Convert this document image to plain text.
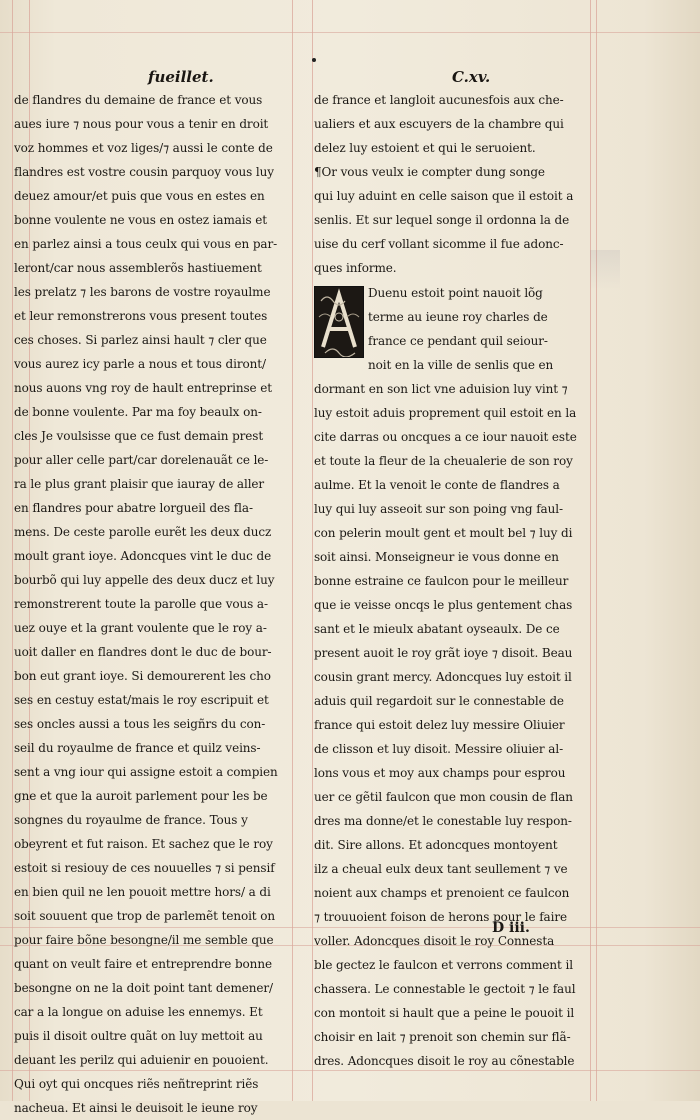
fueillet.	C.xv.
de flandres du demaine de france et vous
aues iure ⁊ nous pour vous a tenir en droit
voz hommes et voz liges/⁊ aussi le conte de
flandres est vostre cousin parquoy vous luy
deuez amour/et puis que vous en estes en
bonne voulente ne vous en ostez iamais et
en parlez ainsi a tous ceulx qui vous en par-
leront/car nous assemblerõs hastiuement
les prelatz ⁊ les barons de vostre royaulme
et leur remonstrerons vous present toutes
ces choses. Si parlez ainsi hault ⁊ cler que
vous aurez icy parle a nous et tous diront/
nous auons vng roy de hault entreprinse et
de bonne voulente. Par ma foy beaulx on-
cles Je voulsisse que ce fust demain prest
pour aller celle part/car dorelenauãt ce le-
ra le plus grant plaisir que iauray de aller
en flandres pour abatre lorgueil des fla-
mens. De ceste parolle eurẽt les deux ducz
moult grant ioye. Adoncques vint le duc de
bourbõ qui luy appelle des deux ducz et luy
remonstrerent toute la parolle que vous a-
uez ouye et la grant voulente que le roy a-
uoit daller en flandres dont le duc de bour-
bon eut grant ioye. Si demourerent les cho
ses en cestuy estat/mais le roy escripuit et
ses oncles aussi a tous les seigñrs du con-
seil du royaulme de france et quilz veins-
sent a vng iour qui assigne estoit a compien
gne et que la auroit parlement pour les be
songnes du royaulme de france. Tous y
obeyrent et fut raison. Et sachez que le roy
estoit si resiouy de ces nouuelles ⁊ si pensif
en bien quil ne len pouoit mettre hors/ a di
soit souuent que trop de parlemẽt tenoit on
pour faire bõne besongne/il me semble que
quant on veult faire et entreprendre bonne
besongne on ne la doit point tant demener/
car a la longue on aduise les ennemys. Et
puis il disoit oultre quãt on luy mettoit au
deuant les perilz qui aduienir en pouoient.
Qui oyt qui oncques riẽs neñtreprint riẽs
nacheua. Et ainsi le deuisoit le ieune roy
de france et langloit aucunesfois aux che-
ualiers et aux escuyers de la chambre qui
delez luy estoient et qui le seruoient.
¶Or vous veulx ie compter dung songe
qui luy aduint en celle saison que il estoit a
senlis. Et sur lequel songe il ordonna la de
uise du cerf vollant sicomme il fue adonc-
ques informe.
Duenu estoit point nauoit lõg
terme au ieune roy charles de
france ce pendant quil seiour-
noit en la ville de senlis que en
dormant en son lict vne aduision luy vint ⁊
luy estoit aduis proprement quil estoit en la
cite darras ou oncques a ce iour nauoit este
et toute la fleur de la cheualerie de son roy
aulme. Et la venoit le conte de flandres a
luy qui luy asseoit sur son poing vng faul-
con pelerin moult gent et moult bel ⁊ luy di
soit ainsi. Monseigneur ie vous donne en
bonne estraine ce faulcon pour le meilleur
que ie veisse oncqs le plus gentement chas
sant et le mieulx abatant oyseaulx. De ce
present auoit le roy grãt ioye ⁊ disoit. Beau
cousin grant mercy. Adoncques luy estoit il
aduis quil regardoit sur le connestable de
france qui estoit delez luy messire Oliuier
de clisson et luy disoit. Messire oliuier al-
lons vous et moy aux champs pour esprou
uer ce gẽtil faulcon que mon cousin de flan
dres ma donne/et le conestable luy respon-
dit. Sire allons. Et adoncques montoyent
ilz a cheual eulx deux tant seullement ⁊ ve
noient aux champs et prenoient ce faulcon
⁊ trouuoient foison de herons pour le faire
voller. Adoncques disoit le roy Connesta
ble gectez le faulcon et verrons comment il
chassera. Le connestable le gectoit ⁊ le faul
con montoit si hault que a peine le pouoit il
choisir en lait ⁊ prenoit son chemin sur flã-
dres. Adoncques disoit le roy au cõnestable
D iii.
